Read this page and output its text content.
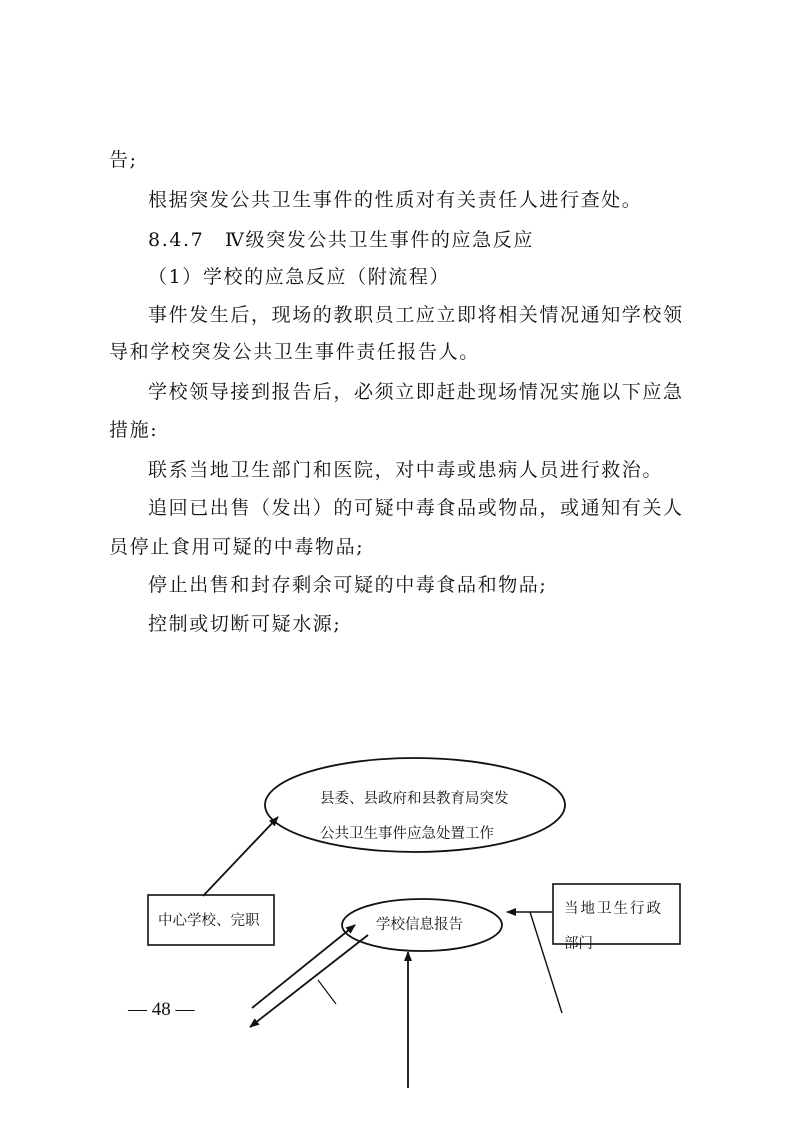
告;
根据突发公共卫生事件的性质对有关责任人进行查处。
8.4.7　Ⅳ级突发公共卫生事件的应急反应
（1）学校的应急反应（附流程）
事件发生后，现场的教职员工应立即将相关情况通知学校领
导和学校突发公共卫生事件责任报告人。
学校领导接到报告后，必须立即赶赴现场情况实施以下应急
措施:
联系当地卫生部门和医院，对中毒或患病人员进行救治。
追回已出售（发出）的可疑中毒食品或物品，或通知有关人
员停止食用可疑的中毒物品;
停止出售和封存剩余可疑的中毒食品和物品;
控制或切断可疑水源;
县委、县政府和县教育局突发
公共卫生事件应急处置工作
中心学校、完职	学校信息报告
当地卫生行政
部门
— 48 —
